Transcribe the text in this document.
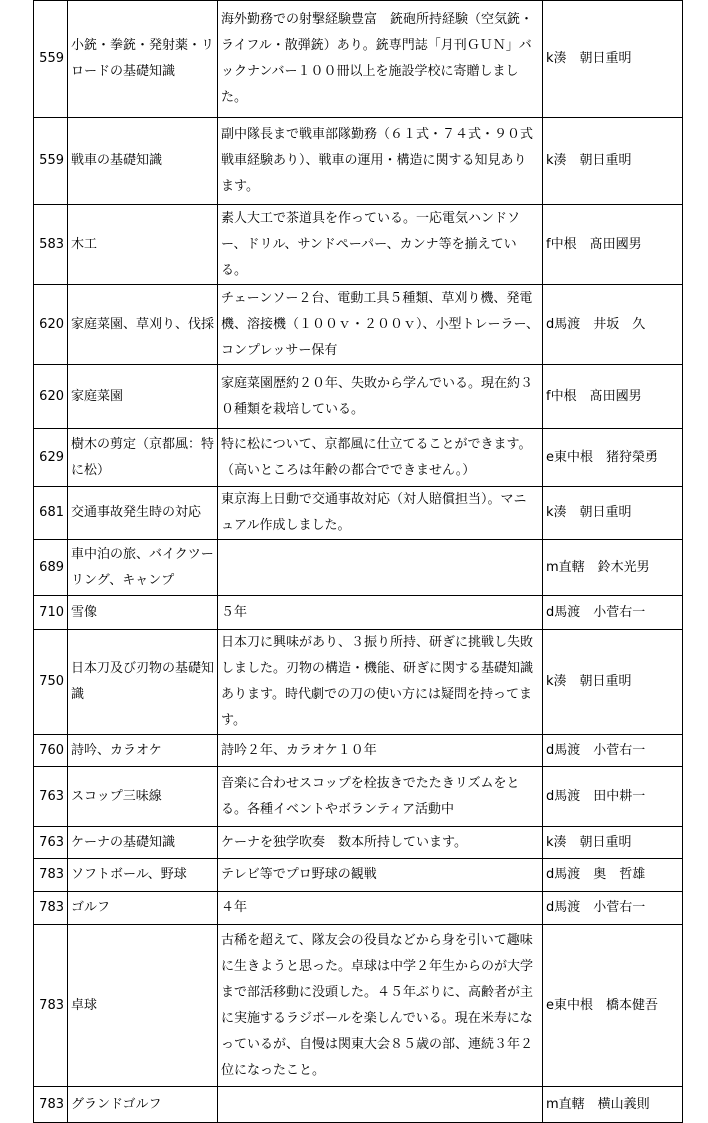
559	小銃・拳銃・発射薬・リロードの基礎知識	海外勤務での射撃経験豊富　銃砲所持経験（空気銃・ライフル・散弾銃）あり。銃専門誌「月刊ＧＵＮ」バックナンバー１００冊以上を施設学校に寄贈しました。	k湊　朝日重明
559	戦車の基礎知識	副中隊長まで戦車部隊勤務（６１式・７４式・９０式戦車経験あり）、戦車の運用・構造に関する知見あります。	k湊　朝日重明
583	木工	素人大工で茶道具を作っている。一応電気ハンドソー、ドリル、サンドペーパー、カンナ等を揃えている。	f中根　髙田國男
620	家庭菜園、草刈り、伐採	チェーンソー２台、電動工具５種類、草刈り機、発電機、溶接機（１００ｖ・２００ｖ）、小型トレーラー、コンプレッサー保有	d馬渡　井坂　久
620	家庭菜園	家庭菜園歴約２０年、失敗から学んでいる。現在約３０種類を栽培している。	f中根　髙田國男
629	樹木の剪定（京都風：特に松）	特に松について、京都風に仕立てることができます。（高いところは年齢の都合でできません。）	e東中根　猪狩榮勇
681	交通事故発生時の対応	東京海上日動で交通事故対応（対人賠償担当）。マニュアル作成しました。	k湊　朝日重明
689	車中泊の旅、バイクツーリング、キャンプ		m直轄　鈴木光男
710	雪像	５年	d馬渡　小菅右一
750	日本刀及び刃物の基礎知識	日本刀に興味があり、３振り所持、研ぎに挑戦し失敗しました。刃物の構造・機能、研ぎに関する基礎知識あります。時代劇での刀の使い方には疑問を持ってます。	k湊　朝日重明
760	詩吟、カラオケ	詩吟２年、カラオケ１０年	d馬渡　小菅右一
763	スコップ三味線	音楽に合わせスコップを栓抜きでたたきリズムをとる。各種イベントやボランティア活動中	d馬渡　田中耕一
763	ケーナの基礎知識	ケーナを独学吹奏　数本所持しています。	k湊　朝日重明
783	ソフトボール、野球	テレビ等でプロ野球の観戦	d馬渡　奥　哲雄
783	ゴルフ	４年	d馬渡　小菅右一
783	卓球	古稀を超えて、隊友会の役員などから身を引いて趣味に生きようと思った。卓球は中学２年生からのが大学まで部活移動に没頭した。４５年ぶりに、高齢者が主に実施するラジボールを楽しんでいる。現在米寿になっているが、自慢は関東大会８５歳の部、連続３年２位になったこと。	e東中根　橋本健吾
783	グランドゴルフ		m直轄　横山義則
